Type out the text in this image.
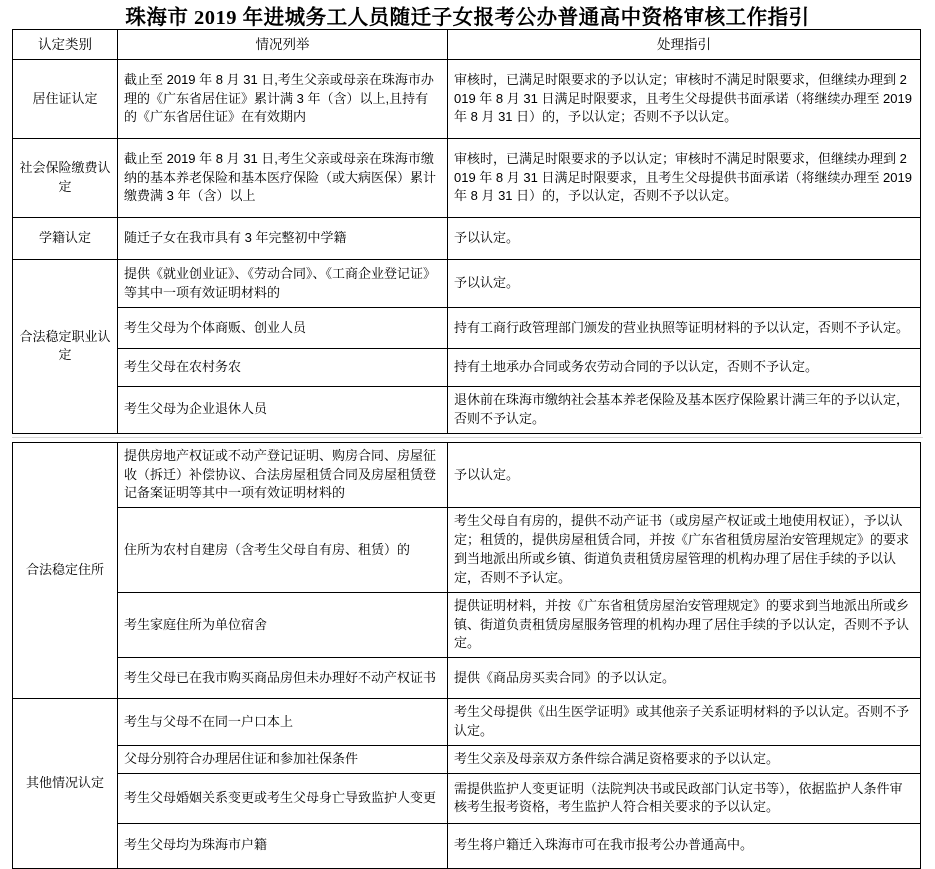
珠海市 2019 年进城务工人员随迁子女报考公办普通高中资格审核工作指引
认定类别	情况列举	处理指引
居住证认定	截止至 2019 年 8 月 31 日,考生父亲或母亲在珠海市办理的《广东省居住证》累计满 3 年（含）以上,且持有的《广东省居住证》在有效期内	审核时，已满足时限要求的予以认定；审核时不满足时限要求，但继续办理到 2019 年 8 月 31 日满足时限要求，且考生父母提供书面承诺（将继续办理至 2019 年 8 月 31 日）的，予以认定；否则不予以认定。
社会保险缴费认定	截止至 2019 年 8 月 31 日,考生父亲或母亲在珠海市缴纳的基本养老保险和基本医疗保险（或大病医保）累计缴费满 3 年（含）以上	审核时，已满足时限要求的予以认定；审核时不满足时限要求，但继续办理到 2019 年 8 月 31 日满足时限要求，且考生父母提供书面承诺（将继续办理至 2019 年 8 月 31 日）的，予以认定，否则不予以认定。
学籍认定	随迁子女在我市具有 3 年完整初中学籍	予以认定。
合法稳定职业认定	提供《就业创业证》、《劳动合同》、《工商企业登记证》等其中一项有效证明材料的	予以认定。
	考生父母为个体商贩、创业人员	持有工商行政管理部门颁发的营业执照等证明材料的予以认定，否则不予认定。
	考生父母在农村务农	持有土地承办合同或务农劳动合同的予以认定，否则不予认定。
	考生父母为企业退休人员	退休前在珠海市缴纳社会基本养老保险及基本医疗保险累计满三年的予以认定，否则不予认定。
合法稳定住所	提供房地产权证或不动产登记证明、购房合同、房屋征收（拆迁）补偿协议、合法房屋租赁合同及房屋租赁登记备案证明等其中一项有效证明材料的	予以认定。
	住所为农村自建房（含考生父母自有房、租赁）的	考生父母自有房的，提供不动产证书（或房屋产权证或土地使用权证），予以认定；租赁的，提供房屋租赁合同，并按《广东省租赁房屋治安管理规定》的要求到当地派出所或乡镇、街道负责租赁房屋管理的机构办理了居住手续的予以认定，否则不予认定。
	考生家庭住所为单位宿舍	提供证明材料，并按《广东省租赁房屋治安管理规定》的要求到当地派出所或乡镇、街道负责租赁房屋服务管理的机构办理了居住手续的予以认定，否则不予认定。
	考生父母已在我市购买商品房但未办理好不动产权证书	提供《商品房买卖合同》的予以认定。
其他情况认定	考生与父母不在同一户口本上	考生父母提供《出生医学证明》或其他亲子关系证明材料的予以认定。否则不予认定。
	父母分别符合办理居住证和参加社保条件	考生父亲及母亲双方条件综合满足资格要求的予以认定。
	考生父母婚姻关系变更或考生父母身亡导致监护人变更	需提供监护人变更证明（法院判决书或民政部门认定书等），依据监护人条件审核考生报考资格，考生监护人符合相关要求的予以认定。
	考生父母均为珠海市户籍	考生将户籍迁入珠海市可在我市报考公办普通高中。
